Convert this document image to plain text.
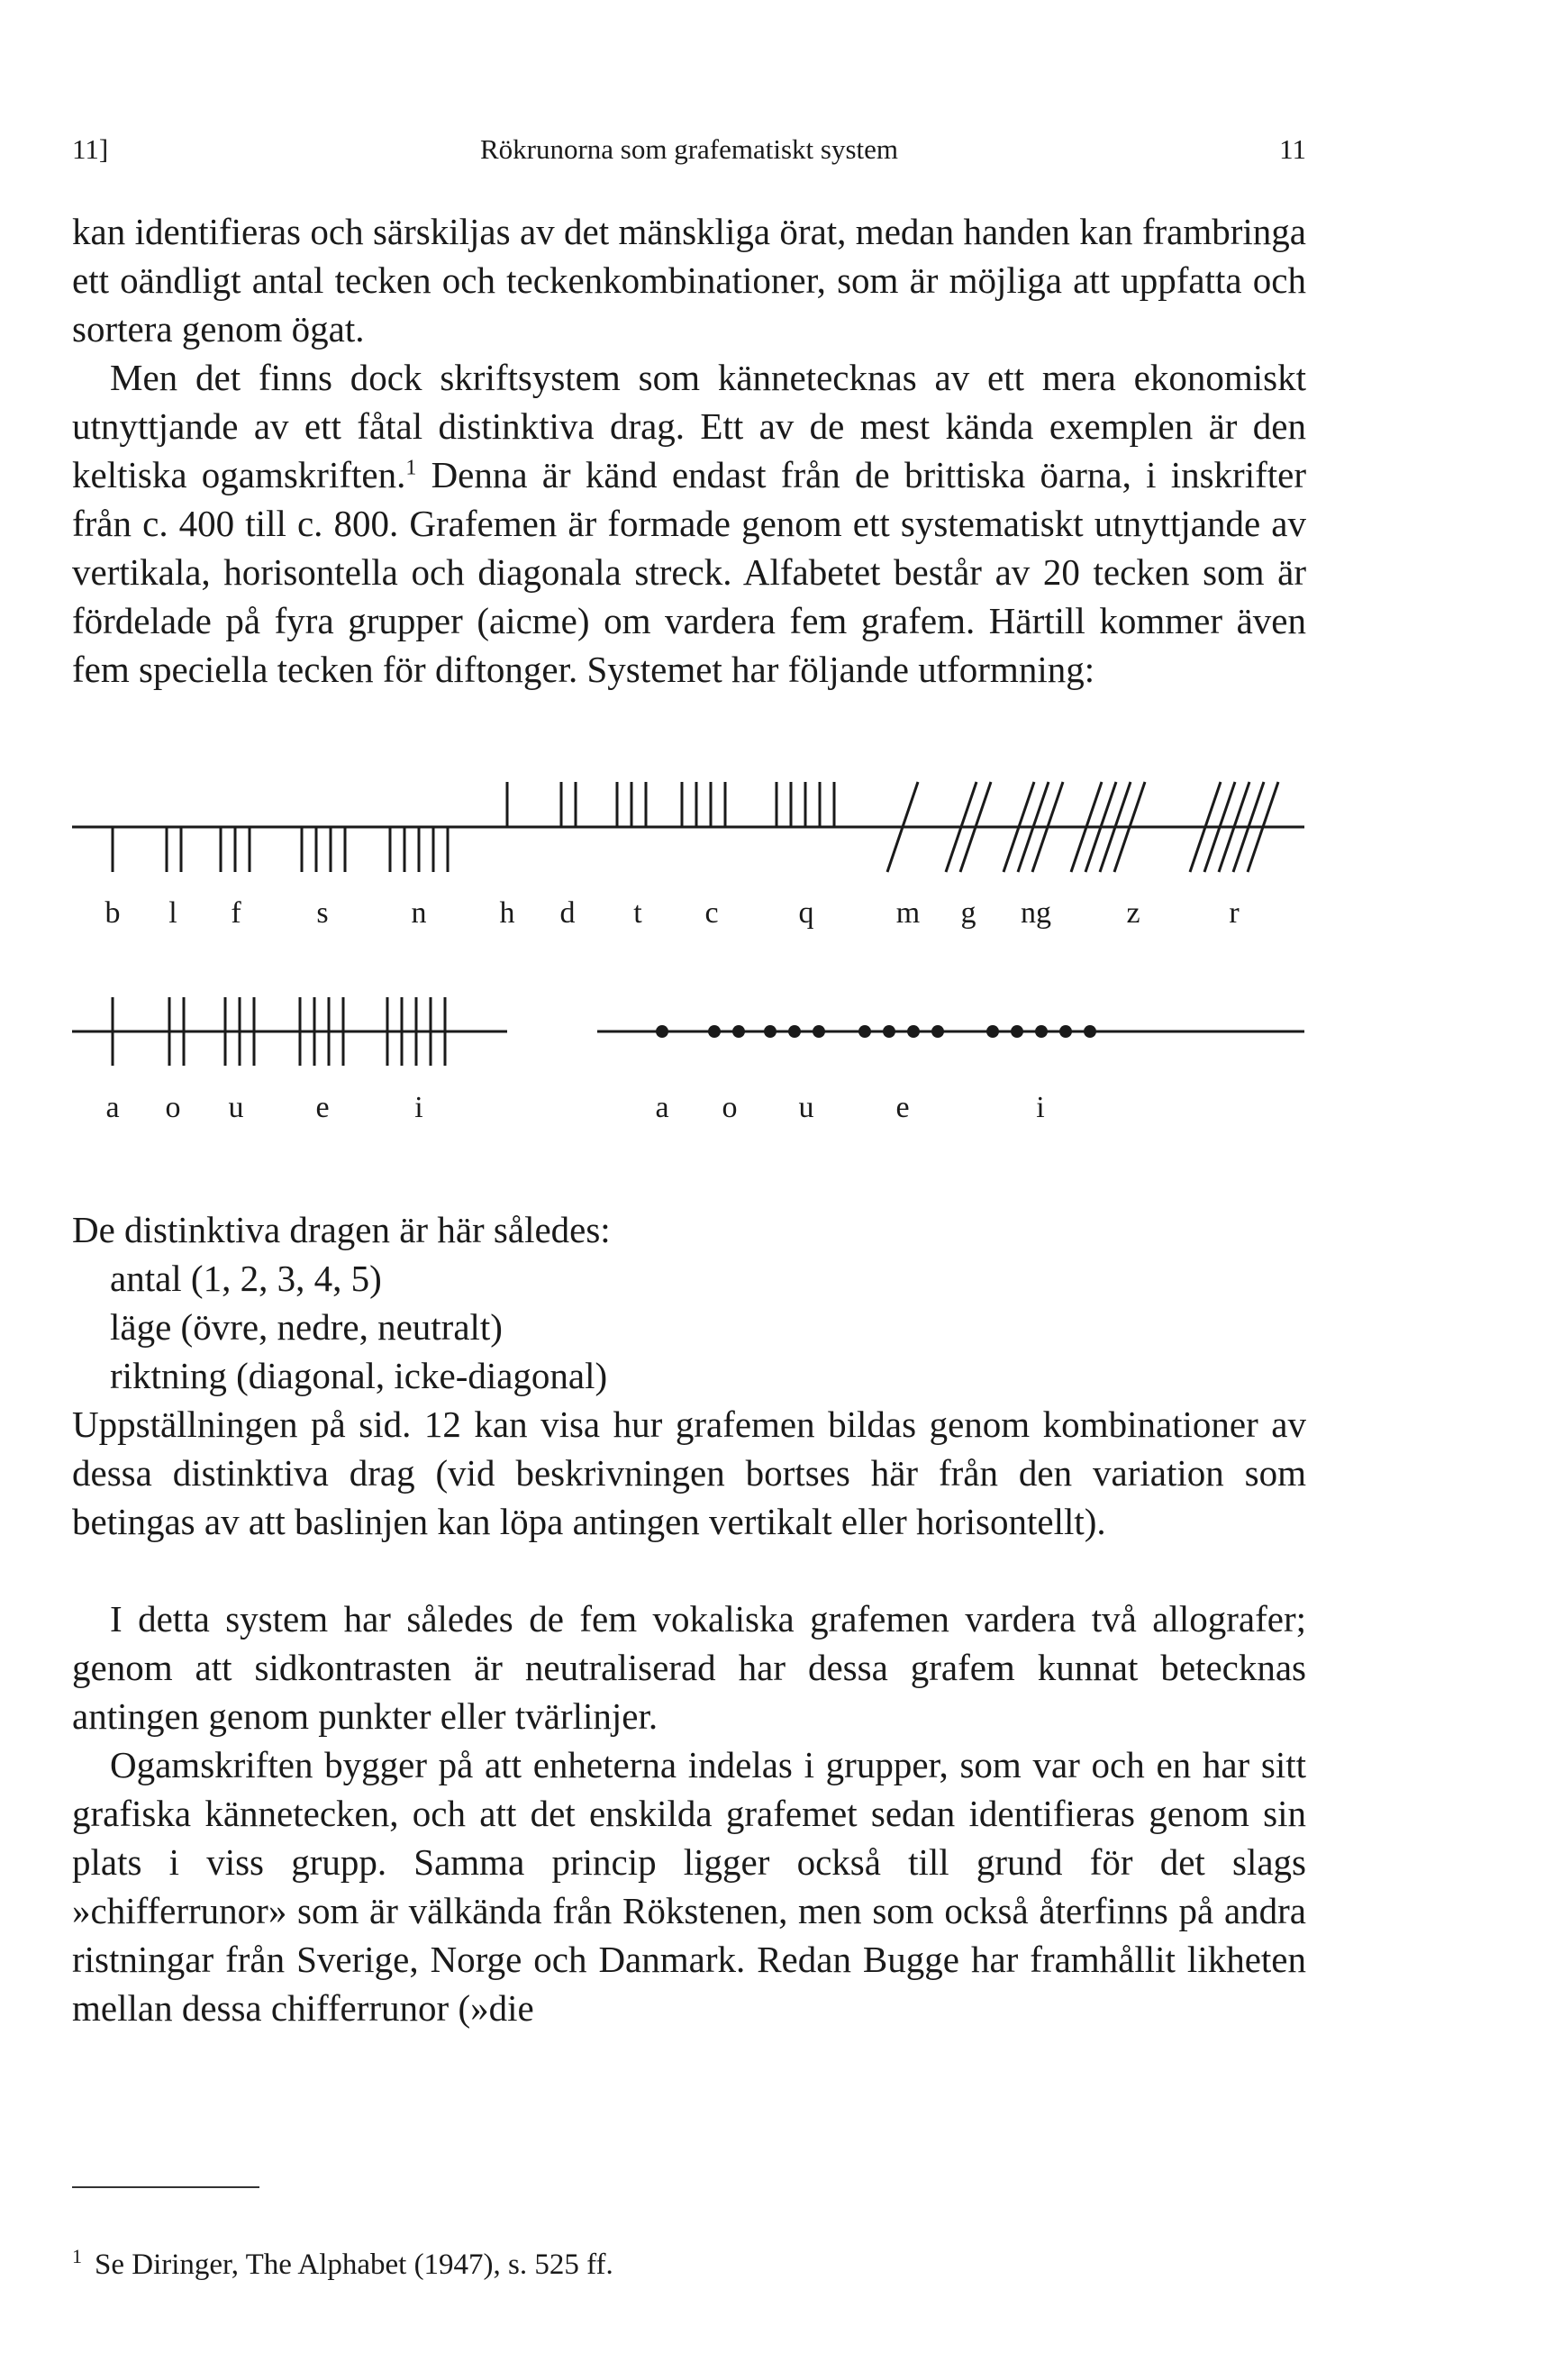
11]	Rökrunorna som grafematiskt system	11

kan identifieras och särskiljas av det mänskliga örat, medan handen kan frambringa ett oändligt antal tecken och teckenkombinationer, som är möjliga att uppfatta och sortera genom ögat.

Men det finns dock skriftsystem som kännetecknas av ett mera ekonomiskt utnyttjande av ett fåtal distinktiva drag. Ett av de mest kända exemplen är den keltiska ogamskriften.$^1$ Denna är känd endast från de brittiska öarna, i inskrifter från c. 400 till c. 800. Grafemen är formade genom ett systematiskt utnyttjande av vertikala, horisontella och diagonala streck. Alfabetet består av 20 tecken som är fördelade på fyra grupper (aicme) om vardera fem grafem. Härtill kommer även fem speciella tecken för diftonger. Systemet har följande utformning:

b l f s	n h d t c	q	m g ng z	r
a o u e	i	a o u	e	i
De distinktiva dragen är här således:
antal (1, 2, 3, 4, 5)
läge (övre, nedre, neutralt)
riktning (diagonal, icke-diagonal)

Uppställningen på sid. 12 kan visa hur grafemen bildas genom kombinationer av dessa distinktiva drag (vid beskrivningen bortses här från den variation som betingas av att baslinjen kan löpa antingen vertikalt eller horisontellt).

I detta system har således de fem vokaliska grafemen vardera två allografer; genom att sidkontrasten är neutraliserad har dessa grafem kunnat betecknas antingen genom punkter eller tvärlinjer.

Ogamskriften bygger på att enheterna indelas i grupper, som var och en har sitt grafiska kännetecken, och att det enskilda grafemet sedan identifieras genom sin plats i viss grupp. Samma princip ligger också till grund för det slags »chifferrunor» som är välkända från Rökstenen, men som också återfinns på andra ristningar från Sverige, Norge och Danmark. Redan Bugge har framhållit likheten mellan dessa chifferrunor (»die

$^1$ Se Diringer, The Alphabet (1947), s. 525 ff.
